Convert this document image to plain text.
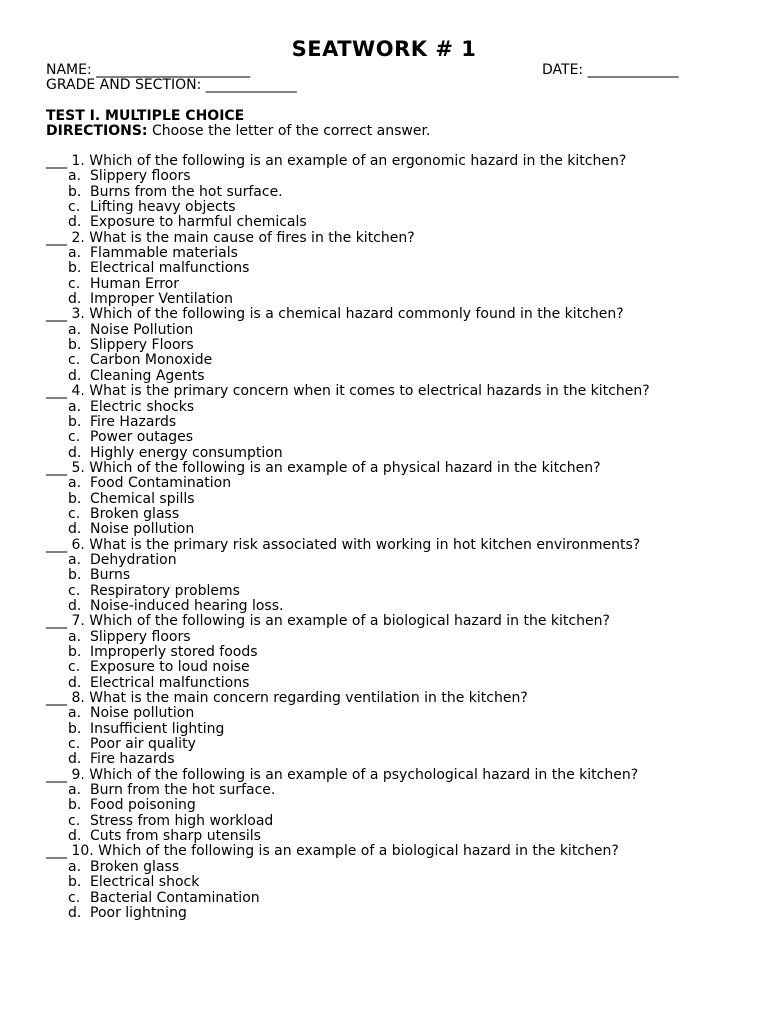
SEATWORK # 1
NAME: ______________________	DATE: _____________
GRADE AND SECTION: _____________
TEST I. MULTIPLE CHOICE
DIRECTIONS: Choose the letter of the correct answer.
___ 1. Which of the following is an example of an ergonomic hazard in the kitchen?
a. Slippery floors
b. Burns from the hot surface.
c. Lifting heavy objects
d. Exposure to harmful chemicals
___ 2. What is the main cause of fires in the kitchen?
a. Flammable materials
b. Electrical malfunctions
c. Human Error
d. Improper Ventilation
___ 3. Which of the following is a chemical hazard commonly found in the kitchen?
a. Noise Pollution
b. Slippery Floors
c. Carbon Monoxide
d. Cleaning Agents
___ 4. What is the primary concern when it comes to electrical hazards in the kitchen?
a. Electric shocks
b. Fire Hazards
c. Power outages
d. Highly energy consumption
___ 5. Which of the following is an example of a physical hazard in the kitchen?
a. Food Contamination
b. Chemical spills
c. Broken glass
d. Noise pollution
___ 6. What is the primary risk associated with working in hot kitchen environments?
a. Dehydration
b. Burns
c. Respiratory problems
d. Noise-induced hearing loss.
___ 7. Which of the following is an example of a biological hazard in the kitchen?
a. Slippery floors
b. Improperly stored foods
c. Exposure to loud noise
d. Electrical malfunctions
___ 8. What is the main concern regarding ventilation in the kitchen?
a. Noise pollution
b. Insufficient lighting
c. Poor air quality
d. Fire hazards
___ 9. Which of the following is an example of a psychological hazard in the kitchen?
a. Burn from the hot surface.
b. Food poisoning
c. Stress from high workload
d. Cuts from sharp utensils
___ 10. Which of the following is an example of a biological hazard in the kitchen?
a. Broken glass
b. Electrical shock
c. Bacterial Contamination
d. Poor lightning
